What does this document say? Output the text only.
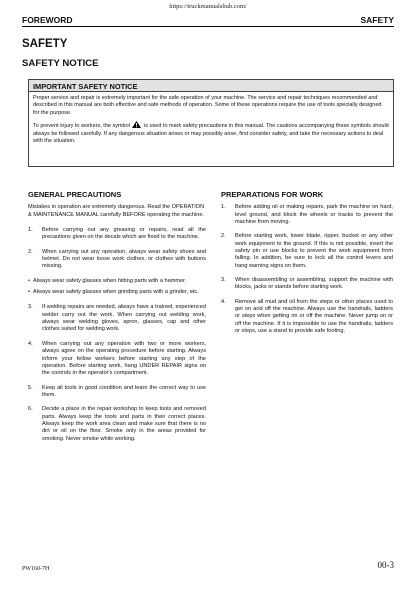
https://truckmanualshub.com/
FOREWORD	SAFETY
SAFETY
SAFETY NOTICE
IMPORTANT SAFETY NOTICE

Proper service and repair is extremely important for the safe operation of your machine. The service and repair techniques recommended and described in this manual are both effective and safe methods of operation. Some of these operations require the use of tools specially designed for the purpose.

To prevent injury to workers, the symbol	is used to mark safety precautions in this manual. The cautions accompanying these symbols should always be followed carefully. If any dangerous situation arises or may possibly arise, first consider safety, and take the necessary actions to deal with the situation.

GENERAL PRECAUTIONS
Mistakes in operation are extremely dangerous. Read the OPERATION & MAINTENANCE MANUAL carefully BEFORE operating the machine.
1.	Before carrying out any greasing or repairs, read all the precautions given on the decals which are fixed to the machine.
2.	When carrying out any operation, always wear safety shoes and helmet. Do not wear loose work clothes, or clothes with buttons missing.
• Always wear safety glasses when hitting parts with a hammer.
• Always wear safety glasses when grinding parts with a grinder, etc.
3.	If welding repairs are needed, always have a trained, experienced welder carry out the work. When carrying out welding work, always wear welding gloves, apron, glasses, cap and other clothes suited for welding work.
4.	When carrying out any operation with two or more workers, always agree on the operating procedure before starting. Always inform your fellow workers before starting any step of the operation. Before starting work, hang UNDER REPAIR signs on the controls in the operator's compartment.
5.	Keep all tools in good condition and learn the correct way to use them.
6.	Decide a place in the repair workshop to keep tools and removed parts. Always keep the tools and parts in their correct places. Always keep the work area clean and make sure that there is no dirt or oil on the floor. Smoke only in the areas provided for smoking. Never smoke while working.
PREPARATIONS FOR WORK
1.	Before adding oil or making repairs, park the machine on hard, level ground, and block the wheels or tracks to prevent the machine from moving.
2.	Before starting work, lower blade, ripper, bucket or any other work equipment to the ground. If this is not possible, insert the safety pin or use blocks to prevent the work equipment from falling. In addition, be sure to lock all the control levers and hang warning signs on them.
3.	When disassembling or assembling, support the machine with blocks, jacks or stands before starting work.
4.	Remove all mud and oil from the steps or other places used to get on and off the machine. Always use the handrails, ladders or steps when getting on or off the machine. Never jump on or off the machine. If it is impossible to use the handrails, ladders or steps, use a stand to provide safe footing.
PW160-7H	00-3
